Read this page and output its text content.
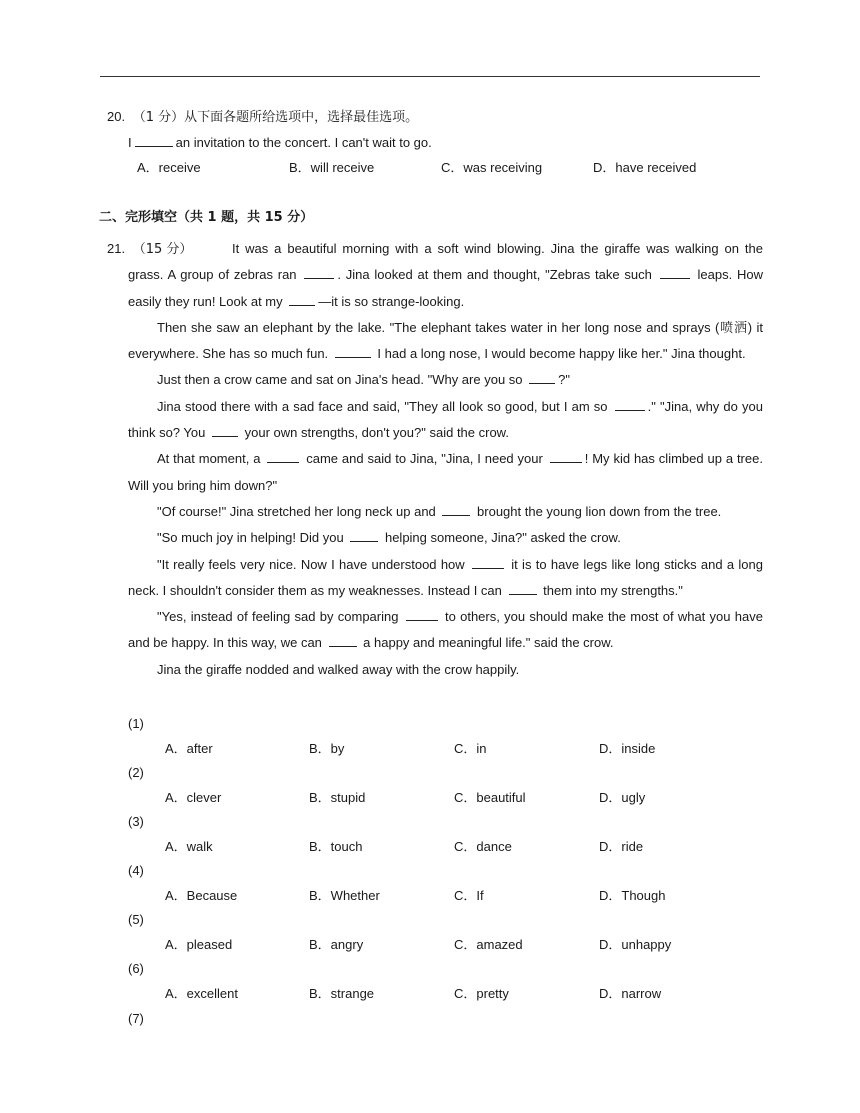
20. （1 分）从下面各题所给选项中，选择最佳选项。
I	an invitation to the concert. I can't wait to go.
A．receive	B．will receive	C．was receiving	D．have received
二、完形填空（共 1 题，共 15 分）
21. （15 分）	It was a beautiful morning with a soft wind blowing. Jina the giraffe was walking on the grass. A group of zebras ran	. Jina looked at them and thought, "Zebras take such	leaps. How easily they run! Look at my	—it is so strange-looking.

Then she saw an elephant by the lake. "The elephant takes water in her long nose and sprays (喷洒) it everywhere. She has so much fun.	I had a long nose, I would become happy like her." Jina thought.

Just then a crow came and sat on Jina's head. "Why are you so	?"

Jina stood there with a sad face and said, "They all look so good, but I am so	." "Jina, why do you think so? You	your own strengths, don't you?" said the crow.

At that moment, a	came and said to Jina, "Jina, I need your	! My kid has climbed up a tree. Will you bring him down?"

"Of course!" Jina stretched her long neck up and	brought the young lion down from the tree.

"So much joy in helping! Did you	helping someone, Jina?" asked the crow.

"It really feels very nice. Now I have understood how	it is to have legs like long sticks and a long neck. I shouldn't consider them as my weaknesses. Instead I can	them into my strengths."

"Yes, instead of feeling sad by comparing	to others, you should make the most of what you have and be happy. In this way, we can	a happy and meaningful life." said the crow.

Jina the giraffe nodded and walked away with the crow happily.

(1)
A．after	B．by	C．in	D．inside
(2)
A．clever	B．stupid	C．beautiful	D．ugly
(3)
A．walk	B．touch	C．dance	D．ride
(4)
A．Because	B．Whether	C．If	D．Though
(5)
A．pleased	B．angry	C．amazed	D．unhappy
(6)
A．excellent	B．strange	C．pretty	D．narrow
(7)
